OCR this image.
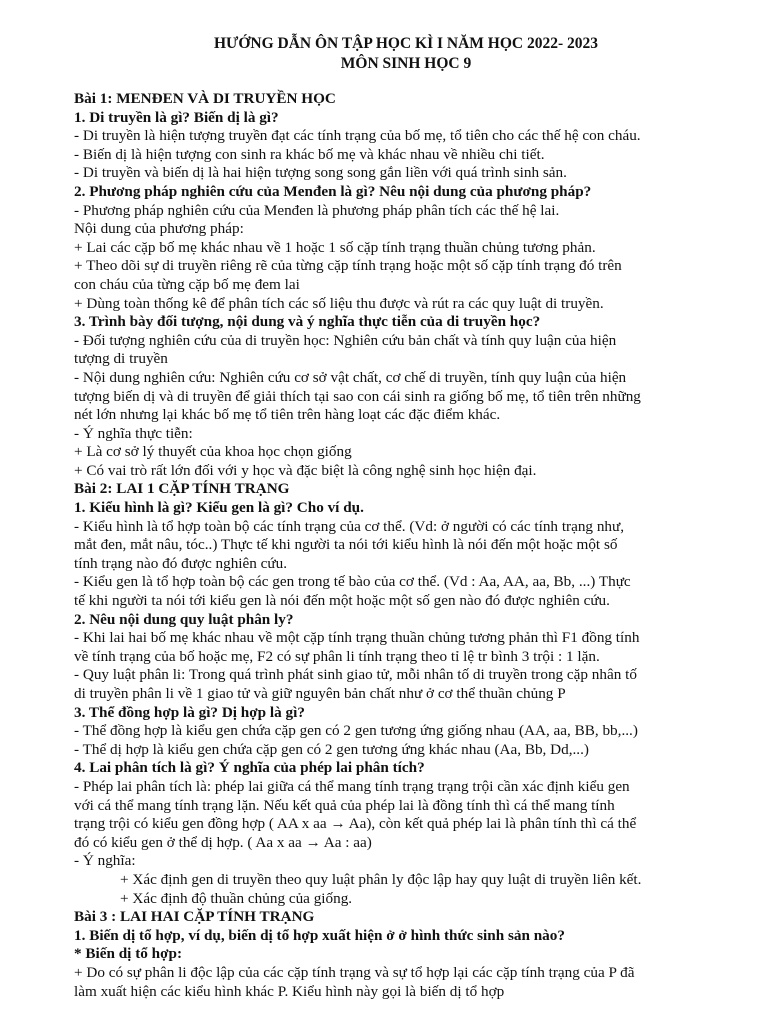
HƯỚNG DẪN ÔN TẬP HỌC KÌ I NĂM HỌC 2022- 2023
MÔN SINH HỌC 9
Bài 1: MENĐEN VÀ DI TRUYỀN HỌC
1. Di truyền là gì? Biến dị là gì?
- Di truyền là hiện tượng truyền đạt các tính trạng của bố mẹ, tổ tiên cho các thế hệ con cháu.
- Biến dị là hiện tượng con sinh ra khác bố mẹ và khác nhau về nhiều chi tiết.
- Di truyền và biến dị là hai hiện tượng song song gắn liền với quá trình sinh sản.
2. Phương pháp nghiên cứu của Menđen là gì? Nêu nội dung của phương pháp?
- Phương pháp nghiên cứu của Menđen là phương pháp phân tích các thế hệ lai.
Nội dung của phương pháp:
+ Lai các cặp bố mẹ khác nhau về 1 hoặc 1 số cặp tính trạng thuần chủng tương phản.
+ Theo dõi sự di truyền riêng rẽ của từng cặp tính trạng hoặc một số cặp tính trạng đó trên
con cháu của từng cặp bố mẹ đem lai
+ Dùng toàn thống kê để phân tích các số liệu thu được và rút ra các quy luật di truyền.
3. Trình bày đối tượng, nội dung và ý nghĩa thực tiễn của di truyền học?
- Đối tượng nghiên cứu của di truyền học: Nghiên cứu bản chất và tính quy luận của hiện
tượng di truyền
- Nội dung nghiên cứu: Nghiên cứu cơ sở vật chất, cơ chế di truyền, tính quy luận của hiện
tượng biến dị và di truyền để giải thích tại sao con cái sinh ra giống bố mẹ, tổ tiên trên những
nét lớn nhưng lại khác bố mẹ tổ tiên trên hàng loạt các đặc điểm khác.
- Ý nghĩa thực tiễn:
+ Là cơ sở lý thuyết của khoa học chọn giống
+ Có vai trò rất lớn đối với y học và đặc biệt là công nghệ sinh học hiện đại.
Bài 2: LAI 1 CẶP TÍNH TRẠNG
1. Kiểu hình là gì? Kiểu gen là gì? Cho ví dụ.
- Kiểu hình là tổ hợp toàn bộ các tính trạng của cơ thể. (Vd: ở người có các tính trạng như,
mắt đen, mắt nâu, tóc..) Thực tế khi người ta nói tới kiểu hình là nói đến một hoặc một số
tính trạng nào đó được nghiên cứu.
- Kiểu gen là tổ hợp toàn bộ các gen trong tế bào của cơ thể. (Vd : Aa, AA, aa, Bb, ...) Thực
tế khi người ta nói tới kiểu gen là nói đến một hoặc một số gen nào đó được nghiên cứu.
2. Nêu nội dung quy luật phân ly?
- Khi lai hai bố mẹ khác nhau về một cặp tính trạng thuần chủng tương phản thì F1 đồng tính
về tính trạng của bố hoặc mẹ, F2 có sự phân li tính trạng theo tỉ lệ tr bình 3 trội : 1 lặn.
- Quy luật phân li: Trong quá trình phát sinh giao tử, mỗi nhân tố di truyền trong cặp nhân tố
di truyền phân li về 1 giao tử và giữ nguyên bản chất như ở cơ thể thuần chủng P
3. Thể đồng hợp là gì? Dị hợp là gì?
- Thể đồng hợp là kiểu gen chứa cặp gen có 2 gen tương ứng giống nhau (AA, aa, BB, bb,...)
- Thể dị hợp là kiểu gen chứa cặp gen có 2 gen tương ứng khác nhau (Aa, Bb, Dd,...)
4. Lai phân tích là gì? Ý nghĩa của phép lai phân tích?
- Phép lai phân tích là: phép lai giữa cá thể mang tính trạng trạng trội cần xác định kiểu gen
với cá thể mang tính trạng lặn. Nếu kết quả của phép lai là đồng tính thì cá thể mang tính
trạng trội có kiểu gen đồng hợp ( AA x aa → Aa), còn kết quả phép lai là phân tính thì cá thể
đó có kiểu gen ở thể dị hợp. ( Aa x aa → Aa : aa)
- Ý nghĩa:
+ Xác định gen di truyền theo quy luật phân ly độc lập hay quy luật di truyền liên kết.
+ Xác định độ thuần chủng của giống.
Bài 3 : LAI HAI CẶP TÍNH TRẠNG
1. Biến dị tổ hợp, ví dụ, biến dị tổ hợp xuất hiện ở ở hình thức sinh sản nào?
* Biến dị tổ hợp:
+ Do có sự phân li độc lập của các cặp tính trạng và sự tổ hợp lại các cặp tính trạng của P đã
làm xuất hiện các kiểu hình khác P. Kiểu hình này gọi là biến dị tổ hợp
